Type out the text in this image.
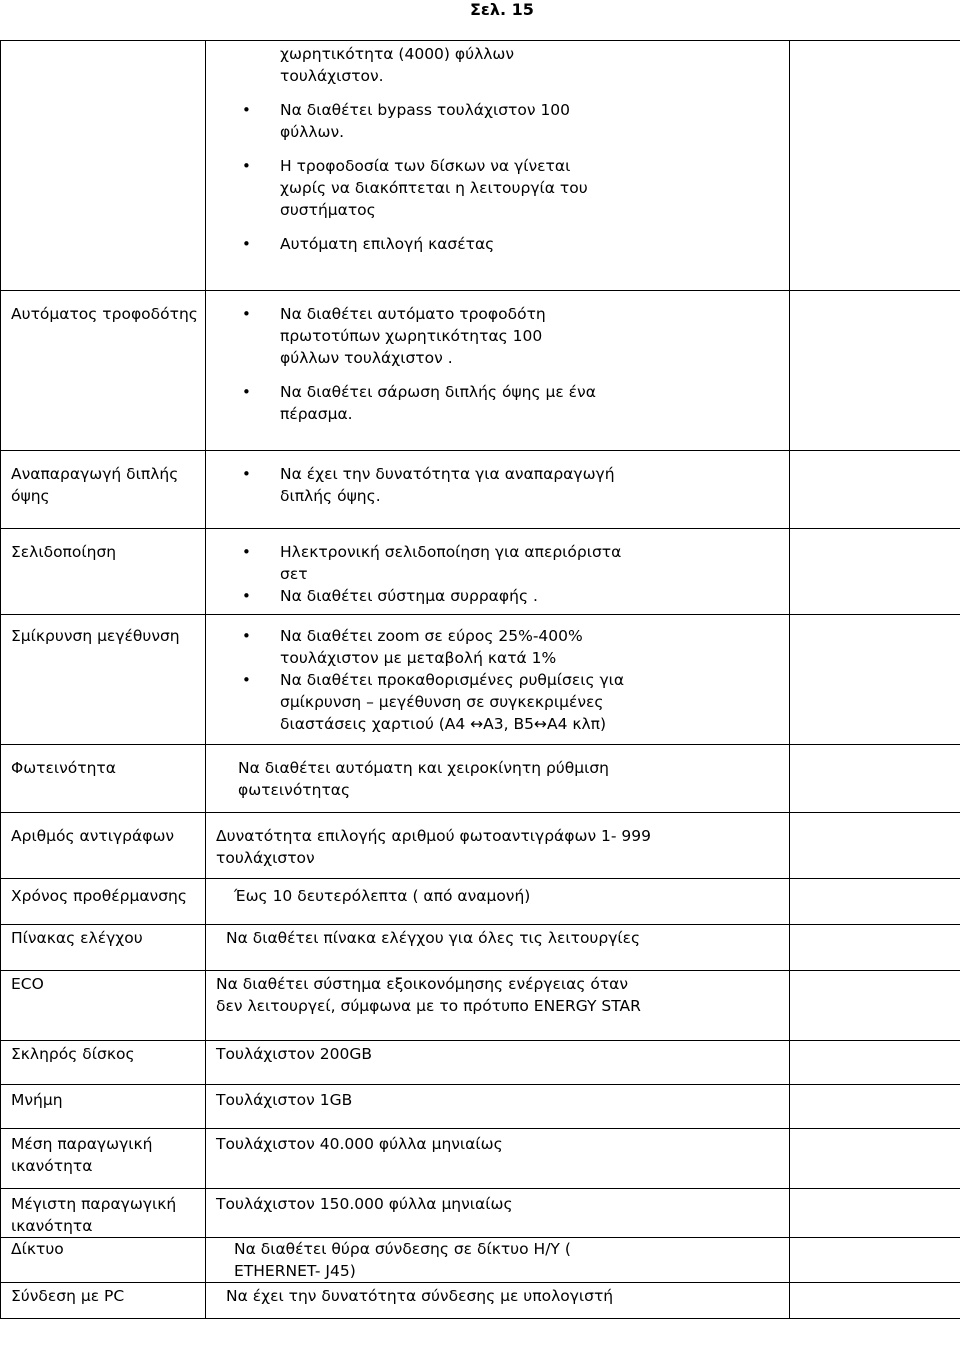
Σελ. 15

	χωρητικότητα (4000) φύλλων τουλάχιστον.

• Να διαθέτει bypass τουλάχιστον 100 φύλλων.

• Η τροφοδοσία των δίσκων να γίνεται χωρίς να διακόπτεται η λειτουργία του συστήματος

• Αυτόματη επιλογή κασέτας

Αυτόματος τροφοδότης	• Να διαθέτει αυτόματο τροφοδότη πρωτοτύπων χωρητικότητας 100 φύλλων τουλάχιστον .

• Να διαθέτει σάρωση διπλής όψης με ένα πέρασμα.

Αναπαραγωγή διπλής όψης	• Να έχει την δυνατότητα για αναπαραγωγή διπλής όψης.

Σελιδοποίηση	• Ηλεκτρονική σελιδοποίηση για απεριόριστα σετ

• Να διαθέτει σύστημα συρραφής .

Σμίκρυνση μεγέθυνση	• Να διαθέτει zoom σε εύρος 25%-400% τουλάχιστον με μεταβολή κατά 1%

• Να διαθέτει προκαθορισμένες ρυθμίσεις για σμίκρυνση – μεγέθυνση σε συγκεκριμένες διαστάσεις χαρτιού (Α4 ↔Α3, Β5↔Α4 κλπ)

Φωτεινότητα	Να διαθέτει αυτόματη και χειροκίνητη ρύθμιση φωτεινότητας	

Αριθμός αντιγράφων	Δυνατότητα επιλογής αριθμού φωτοαντιγράφων 1- 999 τουλάχιστον	

Χρόνος προθέρμανσης	Έως 10 δευτερόλεπτα ( από αναμονή)	

Πίνακας ελέγχου	Να διαθέτει πίνακα ελέγχου για όλες τις λειτουργίες	

ECO	Να διαθέτει σύστημα εξοικονόμησης ενέργειας όταν δεν λειτουργεί, σύμφωνα με το πρότυπο ENERGY STAR	

Σκληρός δίσκος	Τουλάχιστον 200GB	

Μνήμη	Τουλάχιστον 1GB	

Μέση παραγωγική ικανότητα	Τουλάχιστον 40.000 φύλλα μηνιαίως	

Μέγιστη παραγωγική ικανότητα	Τουλάχιστον 150.000 φύλλα μηνιαίως	

Δίκτυο	Να διαθέτει θύρα σύνδεσης σε δίκτυο Η/Υ ( ETHERNET- J45)	

Σύνδεση με PC	Να έχει την δυνατότητα σύνδεσης με υπολογιστή	
